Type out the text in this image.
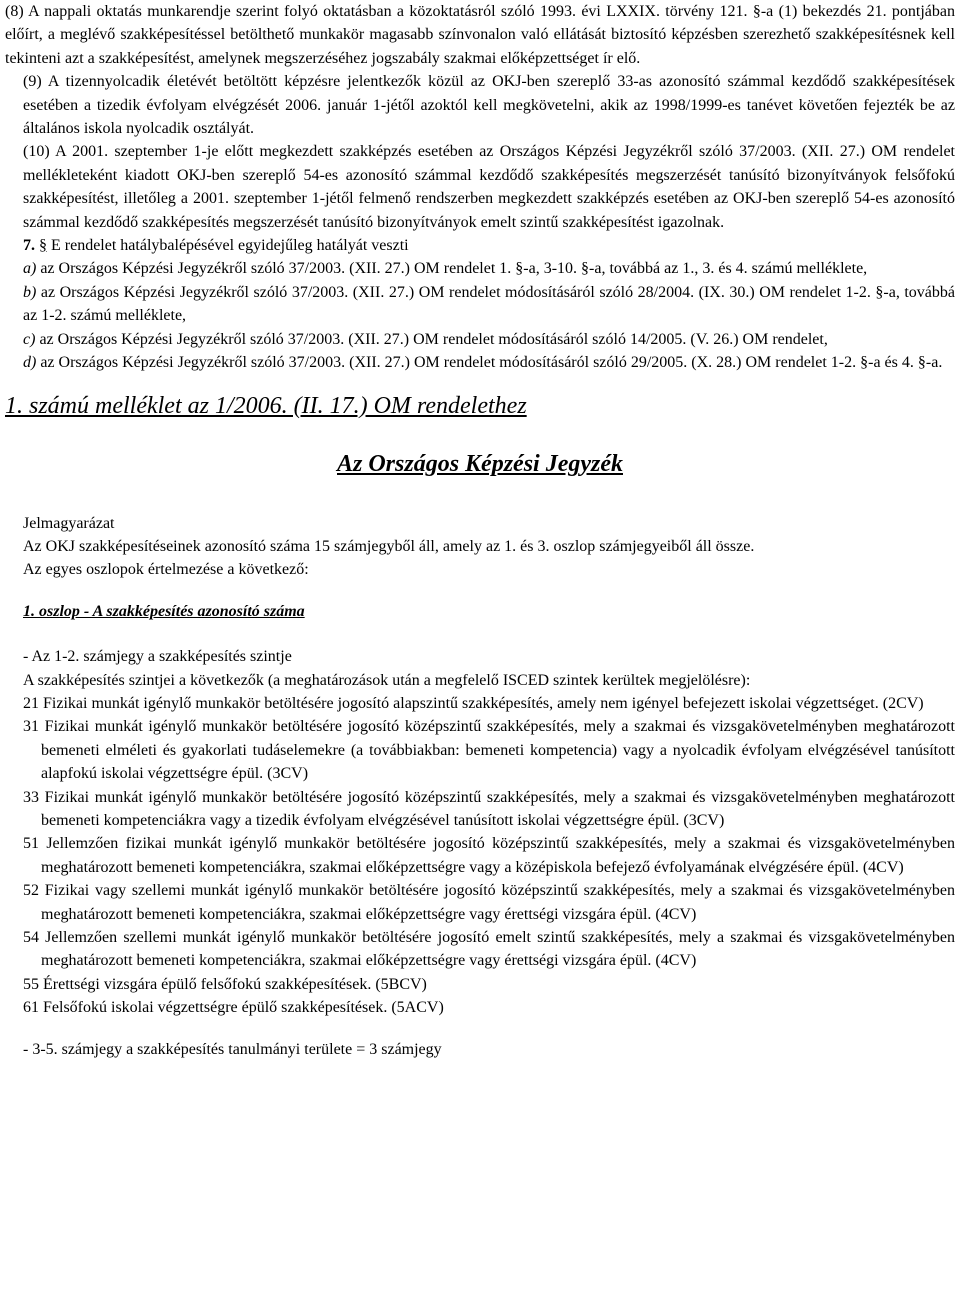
(8) A nappali oktatás munkarendje szerint folyó oktatásban a közoktatásról szóló 1993. évi LXXIX. törvény 121. §-a (1) bekezdés 21. pontjában előírt, a meglévő szakképesítéssel betölthető munkakör magasabb színvonalon való ellátását biztosító képzésben szerezhető szakképesítésnek kell tekinteni azt a szakképesítést, amelynek megszerzéséhez jogszabály szakmai előképzettséget ír elő.

(9) A tizennyolcadik életévét betöltött képzésre jelentkezők közül az OKJ-ben szereplő 33-as azonosító számmal kezdődő szakképesítések esetében a tizedik évfolyam elvégzését 2006. január 1-jétől azoktól kell megkövetelni, akik az 1998/1999-es tanévet követően fejezték be az általános iskola nyolcadik osztályát.

(10) A 2001. szeptember 1-je előtt megkezdett szakképzés esetében az Országos Képzési Jegyzékről szóló 37/2003. (XII. 27.) OM rendelet mellékleteként kiadott OKJ-ben szereplő 54-es azonosító számmal kezdődő szakképesítés megszerzését tanúsító bizonyítványok felsőfokú szakképesítést, illetőleg a 2001. szeptember 1-jétől felmenő rendszerben megkezdett szakképzés esetében az OKJ-ben szereplő 54-es azonosító számmal kezdődő szakképesítés megszerzését tanúsító bizonyítványok emelt szintű szakképesítést igazolnak.

7. § E rendelet hatálybalépésével egyidejűleg hatályát veszti

a) az Országos Képzési Jegyzékről szóló 37/2003. (XII. 27.) OM rendelet 1. §-a, 3-10. §-a, továbbá az 1., 3. és 4. számú melléklete,

b) az Országos Képzési Jegyzékről szóló 37/2003. (XII. 27.) OM rendelet módosításáról szóló 28/2004. (IX. 30.) OM rendelet 1-2. §-a, továbbá az 1-2. számú melléklete,

c) az Országos Képzési Jegyzékről szóló 37/2003. (XII. 27.) OM rendelet módosításáról szóló 14/2005. (V. 26.) OM rendelet,

d) az Országos Képzési Jegyzékről szóló 37/2003. (XII. 27.) OM rendelet módosításáról szóló 29/2005. (X. 28.) OM rendelet 1-2. §-a és 4. §-a.

1. számú melléklet az 1/2006. (II. 17.) OM rendelethez

Az Országos Képzési Jegyzék

Jelmagyarázat

Az OKJ szakképesítéseinek azonosító száma 15 számjegyből áll, amely az 1. és 3. oszlop számjegyeiből áll össze.

Az egyes oszlopok értelmezése a következő:

1. oszlop - A szakképesítés azonosító száma

- Az 1-2. számjegy a szakképesítés szintje

A szakképesítés szintjei a következők (a meghatározások után a megfelelő ISCED szintek kerültek megjelölésre):

21 Fizikai munkát igénylő munkakör betöltésére jogosító alapszintű szakképesítés, amely nem igényel befejezett iskolai végzettséget. (2CV)

31 Fizikai munkát igénylő munkakör betöltésére jogosító középszintű szakképesítés, mely a szakmai és vizsgakövetelményben meghatározott bemeneti elméleti és gyakorlati tudáselemekre (a továbbiakban: bemeneti kompetencia) vagy a nyolcadik évfolyam elvégzésével tanúsított alapfokú iskolai végzettségre épül. (3CV)

33 Fizikai munkát igénylő munkakör betöltésére jogosító középszintű szakképesítés, mely a szakmai és vizsgakövetelményben meghatározott bemeneti kompetenciákra vagy a tizedik évfolyam elvégzésével tanúsított iskolai végzettségre épül. (3CV)

51 Jellemzően fizikai munkát igénylő munkakör betöltésére jogosító középszintű szakképesítés, mely a szakmai és vizsgakövetelményben meghatározott bemeneti kompetenciákra, szakmai előképzettségre vagy a középiskola befejező évfolyamának elvégzésére épül. (4CV)

52 Fizikai vagy szellemi munkát igénylő munkakör betöltésére jogosító középszintű szakképesítés, mely a szakmai és vizsgakövetelményben meghatározott bemeneti kompetenciákra, szakmai előképzettségre vagy érettségi vizsgára épül. (4CV)

54 Jellemzően szellemi munkát igénylő munkakör betöltésére jogosító emelt szintű szakképesítés, mely a szakmai és vizsgakövetelményben meghatározott bemeneti kompetenciákra, szakmai előképzettségre vagy érettségi vizsgára épül. (4CV)

55 Érettségi vizsgára épülő felsőfokú szakképesítések. (5BCV)

61 Felsőfokú iskolai végzettségre épülő szakképesítések. (5ACV)

- 3-5. számjegy a szakképesítés tanulmányi területe = 3 számjegy
